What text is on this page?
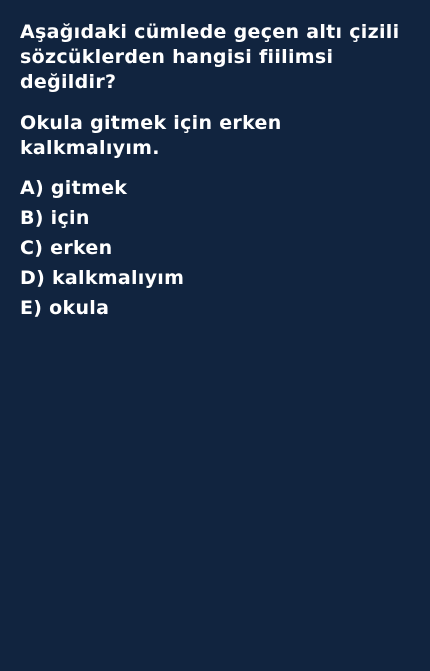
Aşağıdaki cümlede geçen altı çizili sözcüklerden hangisi fiilimsi değildir?

Okula gitmek için erken kalkmalıyım.

A) gitmek
B) için
C) erken
D) kalkmalıyım
E) okula
